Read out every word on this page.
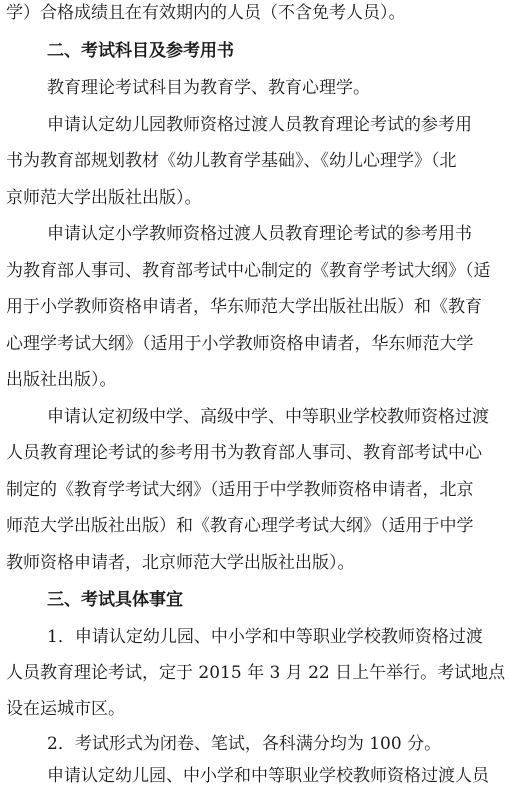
学）合格成绩且在有效期内的人员（不含免考人员）。
二、考试科目及参考用书
教育理论考试科目为教育学、教育心理学。
申请认定幼儿园教师资格过渡人员教育理论考试的参考用
书为教育部规划教材《幼儿教育学基础》、《幼儿心理学》（北
京师范大学出版社出版）。
申请认定小学教师资格过渡人员教育理论考试的参考用书
为教育部人事司、教育部考试中心制定的《教育学考试大纲》（适
用于小学教师资格申请者，华东师范大学出版社出版）和《教育
心理学考试大纲》（适用于小学教师资格申请者，华东师范大学
出版社出版）。
申请认定初级中学、高级中学、中等职业学校教师资格过渡
人员教育理论考试的参考用书为教育部人事司、教育部考试中心
制定的《教育学考试大纲》（适用于中学教师资格申请者，北京
师范大学出版社出版）和《教育心理学考试大纲》（适用于中学
教师资格申请者，北京师范大学出版社出版）。
三、考试具体事宜
1．申请认定幼儿园、中小学和中等职业学校教师资格过渡
人员教育理论考试，定于 2015 年 3 月 22 日上午举行。考试地点
设在运城市区。
2．考试形式为闭卷、笔试，各科满分均为 100 分。
申请认定幼儿园、中小学和中等职业学校教师资格过渡人员
